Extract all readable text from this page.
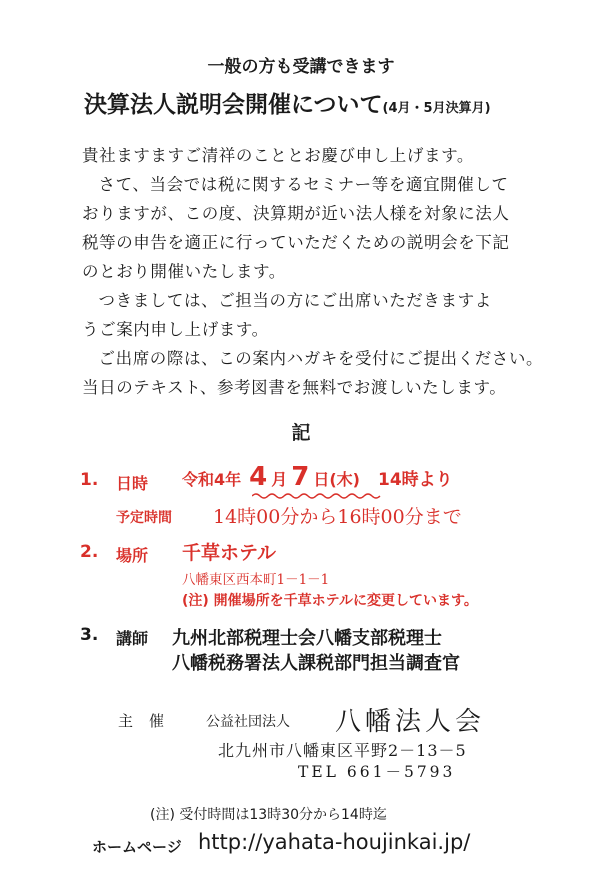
一般の方も受講できます
決算法人説明会開催について(4月・5月決算月)
貴社ますますご清祥のこととお慶び申し上げます。
さて、当会では税に関するセミナー等を適宜開催して
おりますが、この度、決算期が近い法人様を対象に法人
税等の申告を適正に行っていただくための説明会を下記
のとおり開催いたします。
つきましては、ご担当の方にご出席いただきますよ
うご案内申し上げます。
ご出席の際は、この案内ハガキを受付にご提出ください。
当日のテキスト、参考図書を無料でお渡しいたします。
記
1. 日時 令和4年 4 月 7 日(木) 14時より
予定時間 14時00分から16時00分まで
2. 場所 千草ホテル
八幡東区西本町1－1－1
(注) 開催場所を千草ホテルに変更しています。
3. 講師 九州北部税理士会八幡支部税理士
八幡税務署法人課税部門担当調査官
主催 公益社団法人 八幡法人会
北九州市八幡東区平野2－13－5
TEL 661－5793
(注) 受付時間は13時30分から14時迄
ホームページ http://yahata-houjinkai.jp/
